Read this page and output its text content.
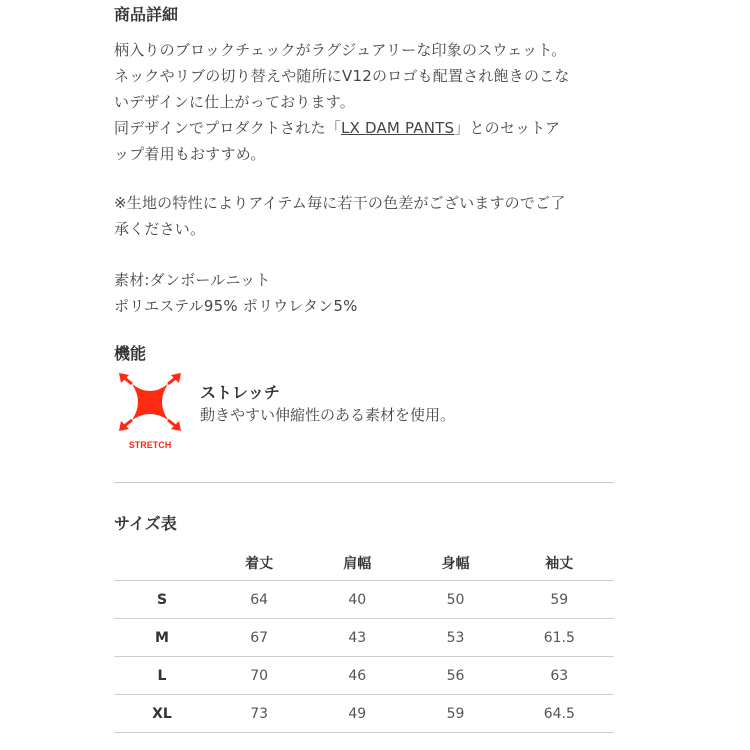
商品詳細

柄入りのブロックチェックがラグジュアリーな印象のスウェット。

ネックやリブの切り替えや随所にV12のロゴも配置され飽きのこな

いデザインに仕上がっております。

同デザインでプロダクトされた「LX DAM PANTS」とのセットア

ップ着用もおすすめ。

※生地の特性によりアイテム毎に若干の色差がございますのでご了

承ください。

素材:ダンボールニット

ポリエステル95% ポリウレタン5%

機能
STRETCH
ストレッチ
動きやすい伸縮性のある素材を使用。
サイズ表
	着丈	肩幅	身幅	袖丈
S	64	40	50	59
M	67	43	53	61.5
L	70	46	56	63
XL	73	49	59	64.5
